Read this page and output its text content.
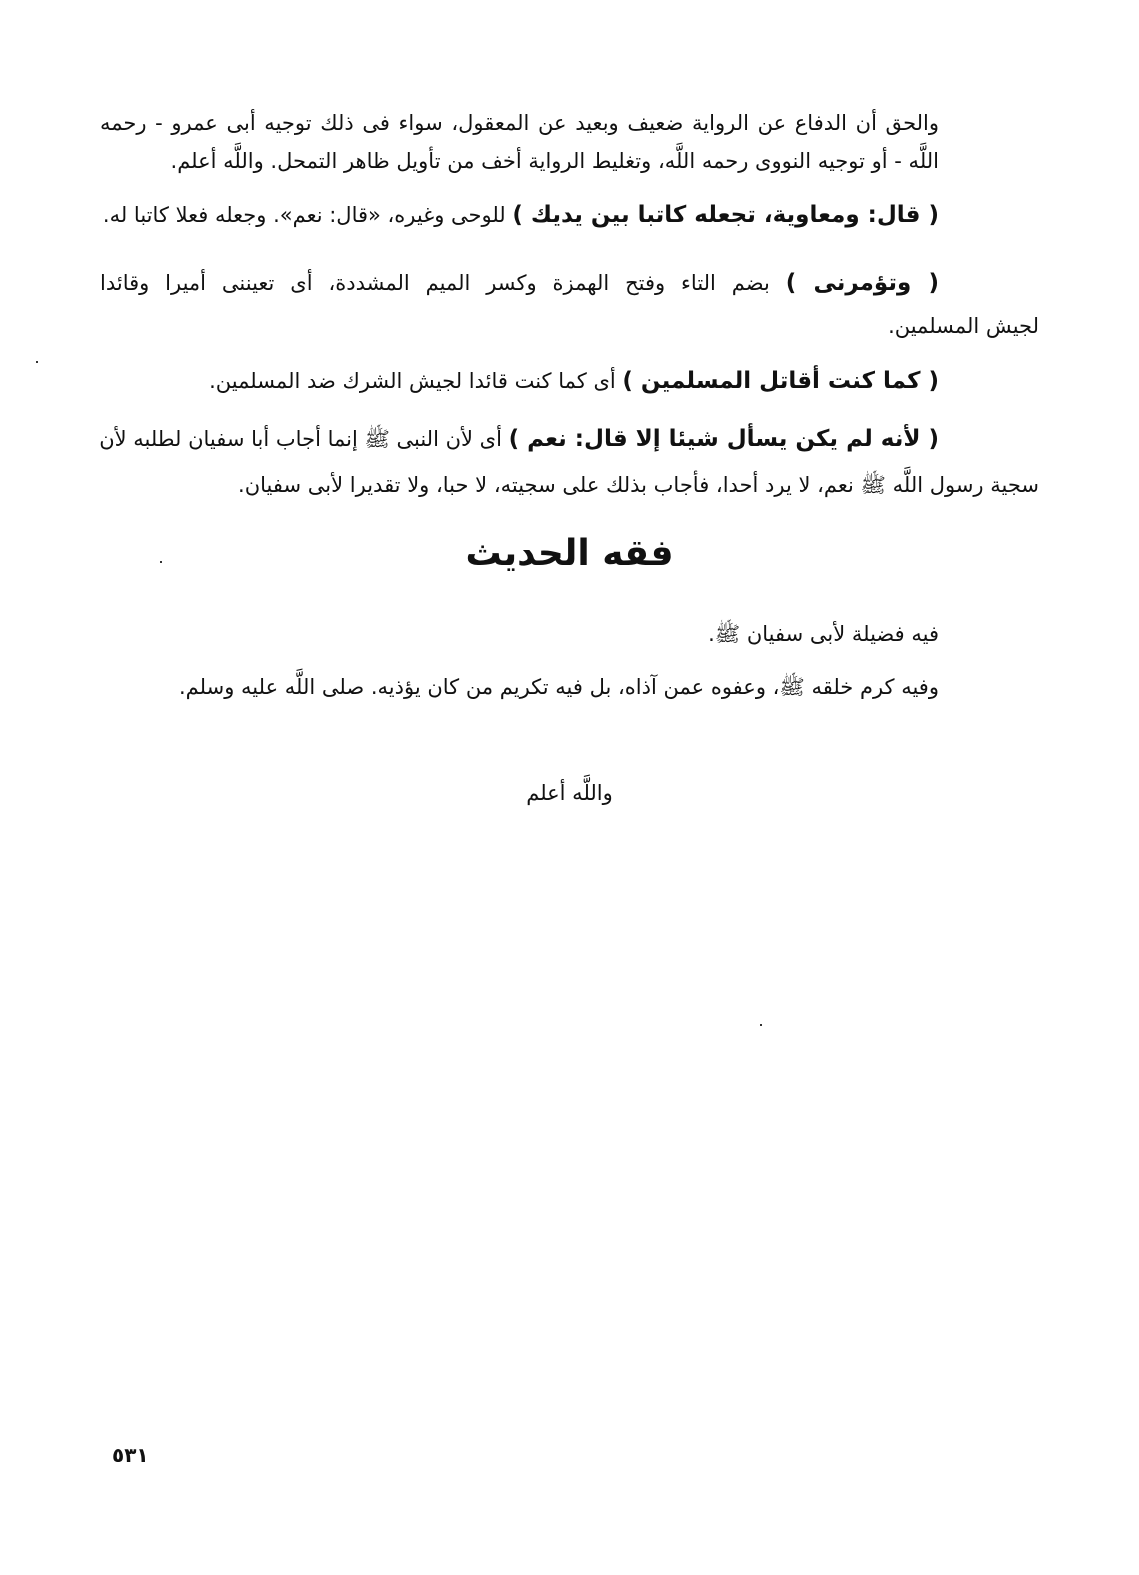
والحق أن الدفاع عن الرواية ضعيف وبعيد عن المعقول، سواء فى ذلك توجيه أبى عمرو - رحمه
اللَّه - أو توجيه النووى رحمه اللَّه، وتغليط الرواية أخف من تأويل ظاهر التمحل. واللَّه أعلم.
( قال: ومعاوية، تجعله كاتبا بين يديك ) للوحى وغيره، «قال: نعم». وجعله فعلا كاتبا له.
( وتؤمرنى ) بضم التاء وفتح الهمزة وكسر الميم المشددة، أى تعيننى أميرا وقائدا
لجيش المسلمين.
( كما كنت أقاتل المسلمين ) أى كما كنت قائدا لجيش الشرك ضد المسلمين.
( لأنه لم يكن يسأل شيئا إلا قال: نعم ) أى لأن النبى ﷺ إنما أجاب أبا سفيان لطلبه لأن
سجية رسول اللَّه ﷺ نعم، لا يرد أحدا، فأجاب بذلك على سجيته، لا حبا، ولا تقديرا لأبى سفيان.
فقه الحديث
فيه فضيلة لأبى سفيان ﷺ.
وفيه كرم خلقه ﷺ، وعفوه عمن آذاه، بل فيه تكريم من كان يؤذيه. صلى اللَّه عليه وسلم.
واللَّه أعلم
٥٣١
